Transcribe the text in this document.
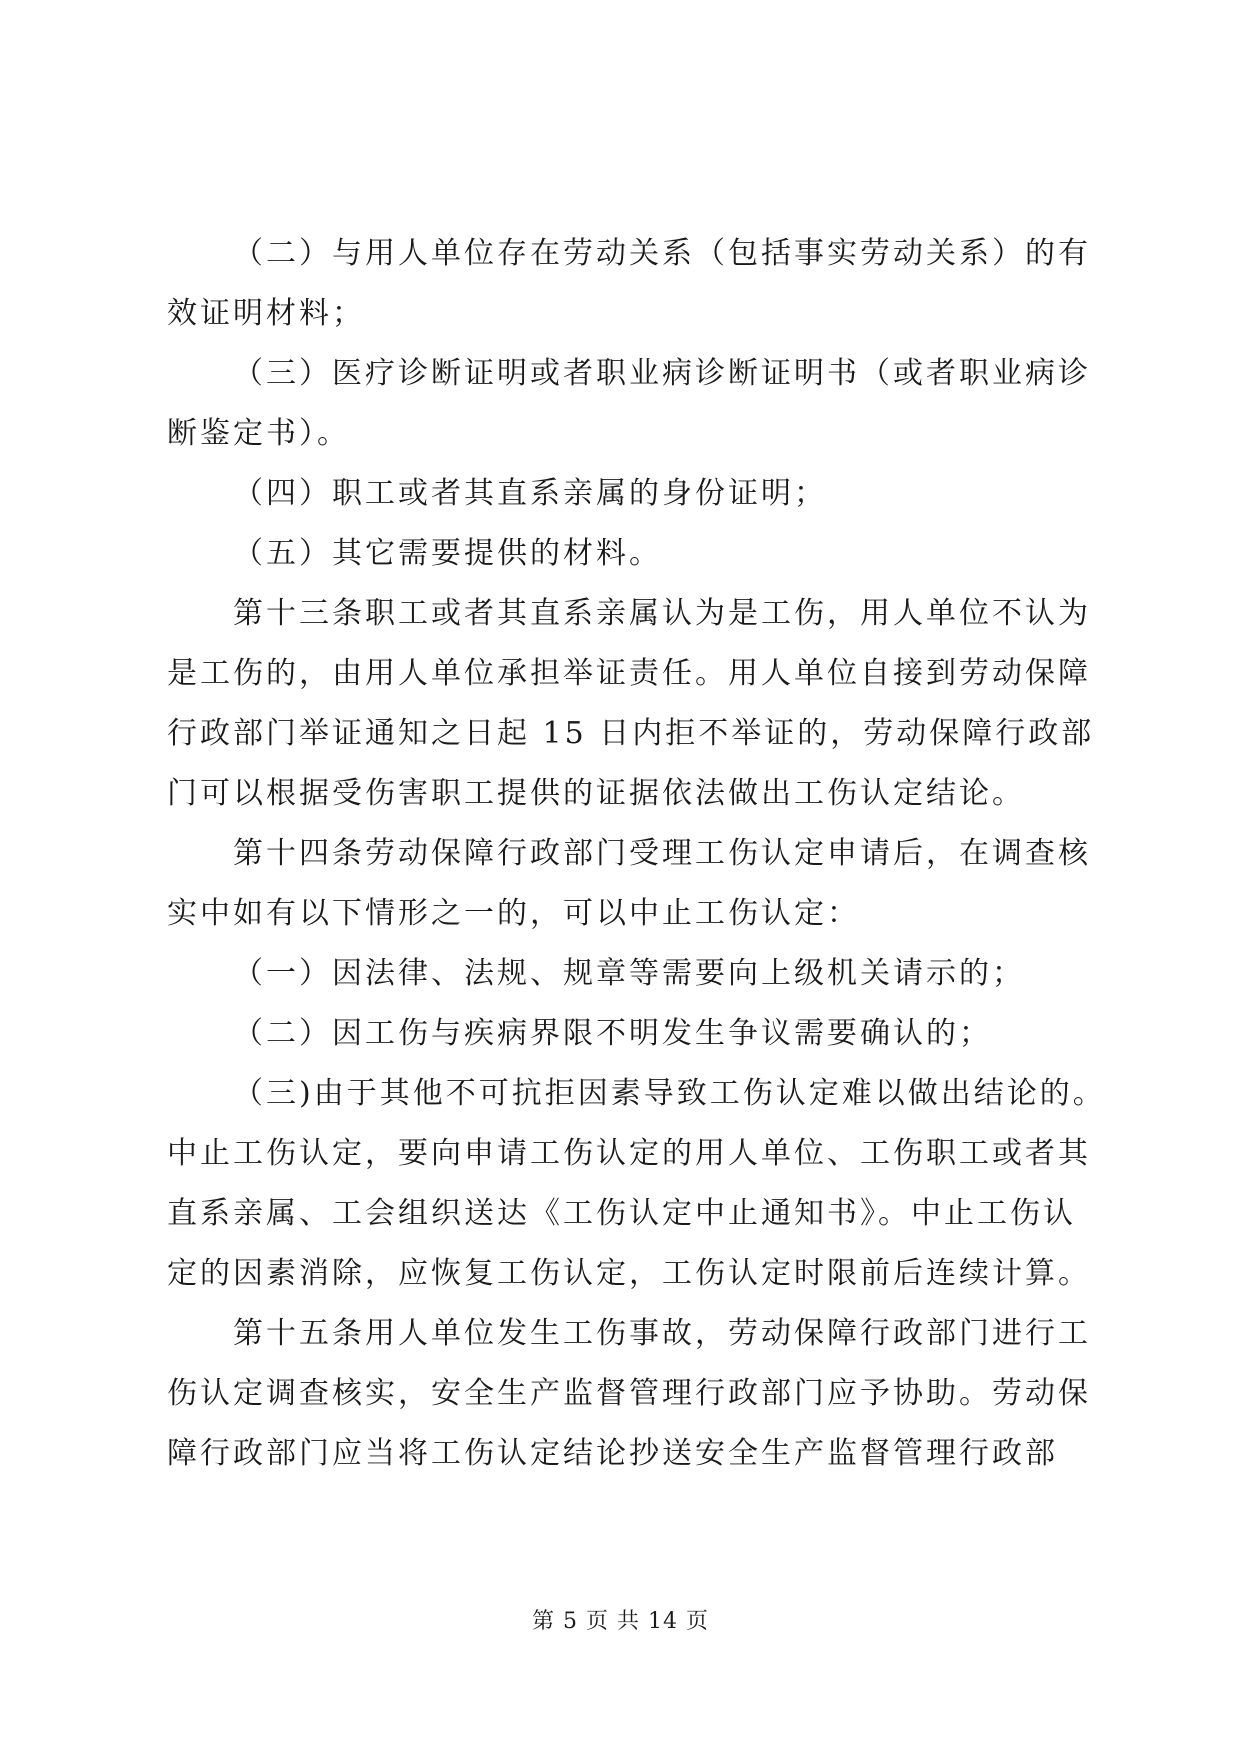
（二）与用人单位存在劳动关系（包括事实劳动关系）的有
效证明材料；
（三）医疗诊断证明或者职业病诊断证明书（或者职业病诊
断鉴定书）。
（四）职工或者其直系亲属的身份证明；
（五）其它需要提供的材料。
第十三条职工或者其直系亲属认为是工伤，用人单位不认为
是工伤的，由用人单位承担举证责任。用人单位自接到劳动保障
行政部门举证通知之日起 15 日内拒不举证的，劳动保障行政部
门可以根据受伤害职工提供的证据依法做出工伤认定结论。
第十四条劳动保障行政部门受理工伤认定申请后，在调查核
实中如有以下情形之一的，可以中止工伤认定：
（一）因法律、法规、规章等需要向上级机关请示的；
（二）因工伤与疾病界限不明发生争议需要确认的；
（三)由于其他不可抗拒因素导致工伤认定难以做出结论的。
中止工伤认定，要向申请工伤认定的用人单位、工伤职工或者其
直系亲属、工会组织送达《工伤认定中止通知书》。中止工伤认
定的因素消除，应恢复工伤认定，工伤认定时限前后连续计算。
第十五条用人单位发生工伤事故，劳动保障行政部门进行工
伤认定调查核实，安全生产监督管理行政部门应予协助。劳动保
障行政部门应当将工伤认定结论抄送安全生产监督管理行政部
第 5 页 共 14 页
